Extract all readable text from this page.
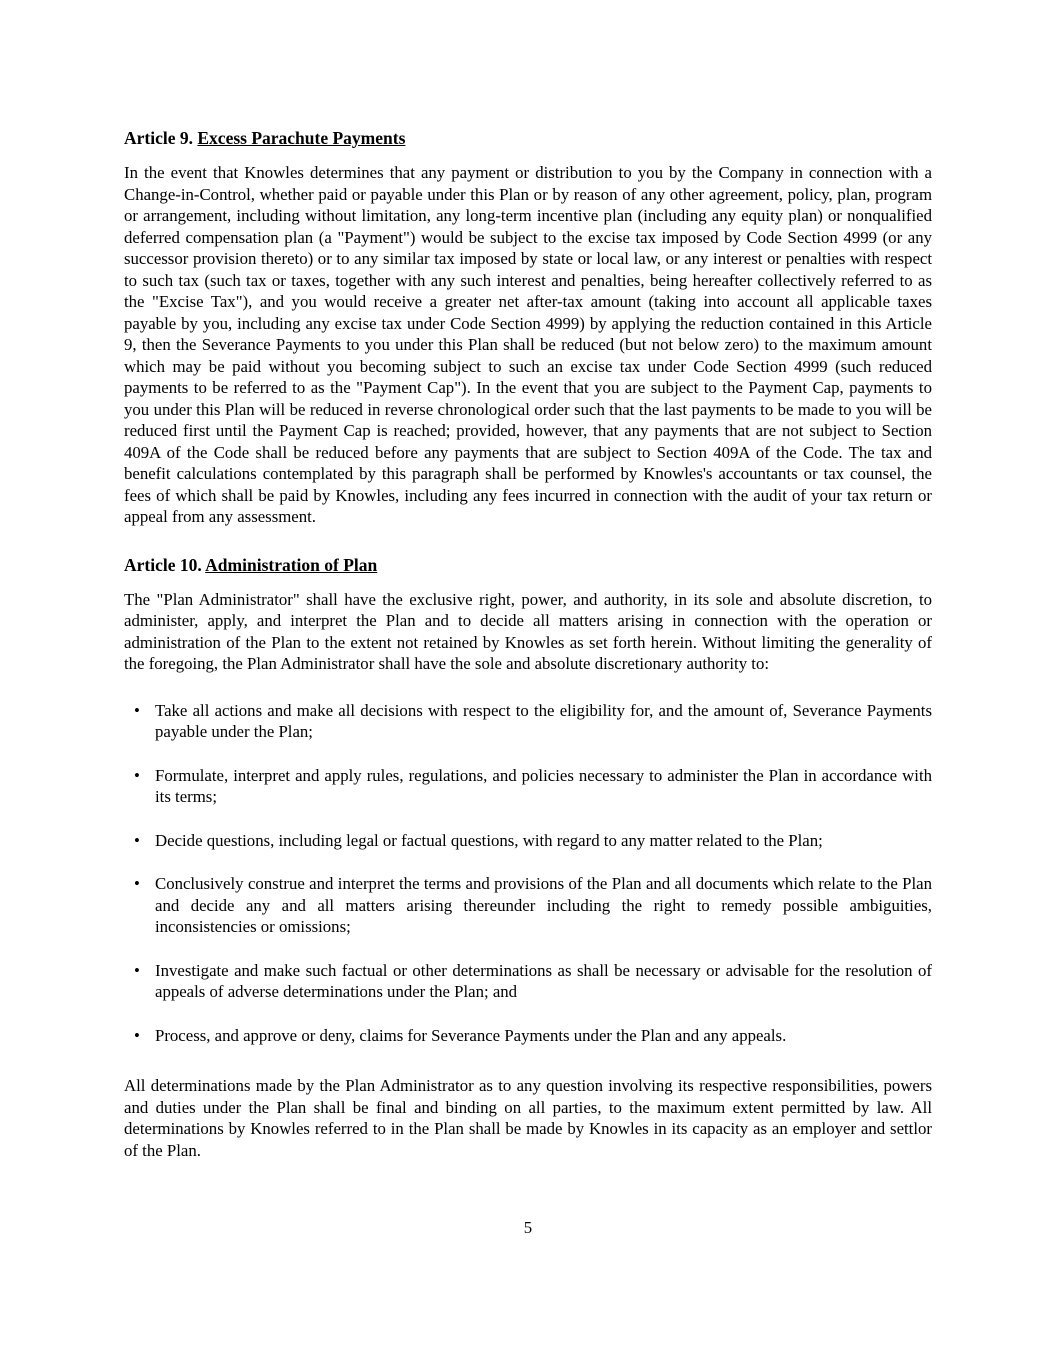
Article 9. Excess Parachute Payments

In the event that Knowles determines that any payment or distribution to you by the Company in connection with a Change-in-Control, whether paid or payable under this Plan or by reason of any other agreement, policy, plan, program or arrangement, including without limitation, any long-term incentive plan (including any equity plan) or nonqualified deferred compensation plan (a "Payment") would be subject to the excise tax imposed by Code Section 4999 (or any successor provision thereto) or to any similar tax imposed by state or local law, or any interest or penalties with respect to such tax (such tax or taxes, together with any such interest and penalties, being hereafter collectively referred to as the "Excise Tax"), and you would receive a greater net after-tax amount (taking into account all applicable taxes payable by you, including any excise tax under Code Section 4999) by applying the reduction contained in this Article 9, then the Severance Payments to you under this Plan shall be reduced (but not below zero) to the maximum amount which may be paid without you becoming subject to such an excise tax under Code Section 4999 (such reduced payments to be referred to as the "Payment Cap"). In the event that you are subject to the Payment Cap, payments to you under this Plan will be reduced in reverse chronological order such that the last payments to be made to you will be reduced first until the Payment Cap is reached; provided, however, that any payments that are not subject to Section 409A of the Code shall be reduced before any payments that are subject to Section 409A of the Code. The tax and benefit calculations contemplated by this paragraph shall be performed by Knowles's accountants or tax counsel, the fees of which shall be paid by Knowles, including any fees incurred in connection with the audit of your tax return or appeal from any assessment.

Article 10. Administration of Plan

The "Plan Administrator" shall have the exclusive right, power, and authority, in its sole and absolute discretion, to administer, apply, and interpret the Plan and to decide all matters arising in connection with the operation or administration of the Plan to the extent not retained by Knowles as set forth herein. Without limiting the generality of the foregoing, the Plan Administrator shall have the sole and absolute discretionary authority to:

• Take all actions and make all decisions with respect to the eligibility for, and the amount of, Severance Payments payable under the Plan;
• Formulate, interpret and apply rules, regulations, and policies necessary to administer the Plan in accordance with its terms;
• Decide questions, including legal or factual questions, with regard to any matter related to the Plan;
• Conclusively construe and interpret the terms and provisions of the Plan and all documents which relate to the Plan and decide any and all matters arising thereunder including the right to remedy possible ambiguities, inconsistencies or omissions;
• Investigate and make such factual or other determinations as shall be necessary or advisable for the resolution of appeals of adverse determinations under the Plan; and
• Process, and approve or deny, claims for Severance Payments under the Plan and any appeals.

All determinations made by the Plan Administrator as to any question involving its respective responsibilities, powers and duties under the Plan shall be final and binding on all parties, to the maximum extent permitted by law. All determinations by Knowles referred to in the Plan shall be made by Knowles in its capacity as an employer and settlor of the Plan.

5
